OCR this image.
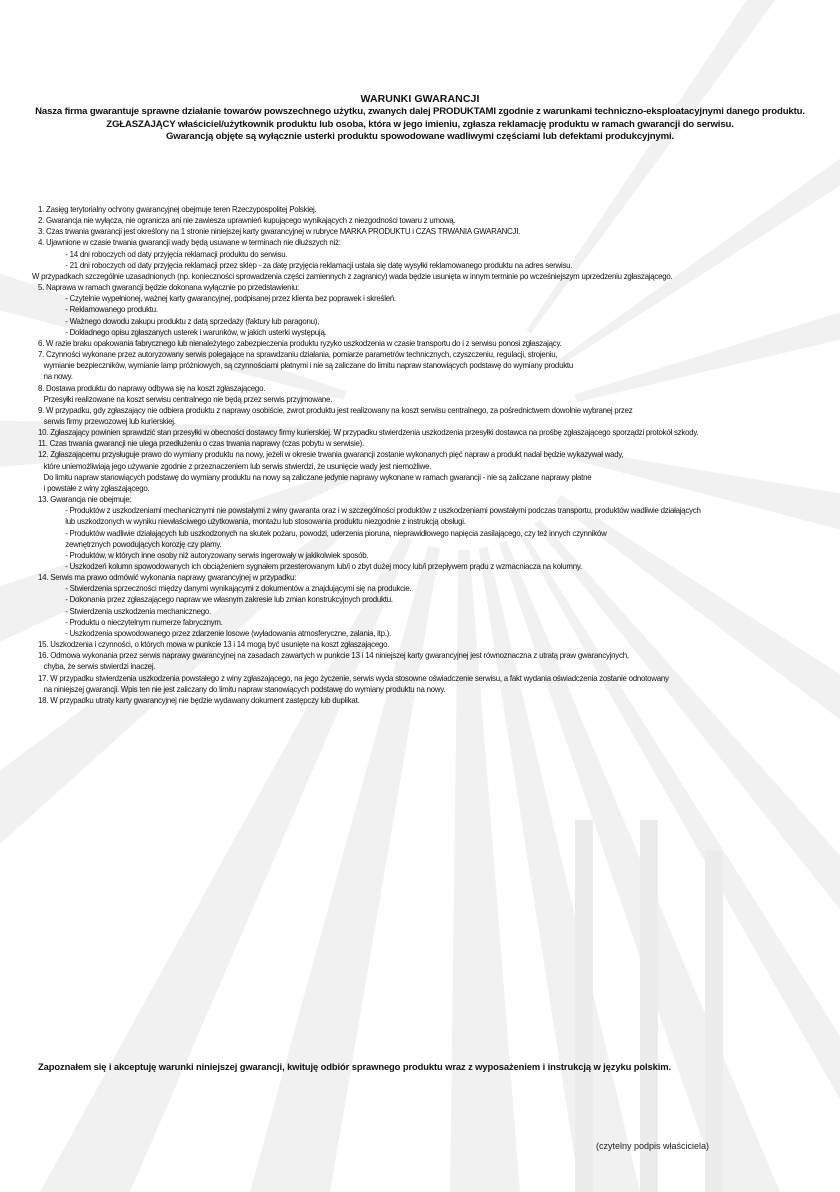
WARUNKI GWARANCJI
Nasza firma gwarantuje sprawne działanie towarów powszechnego użytku, zwanych dalej PRODUKTAMI zgodnie z warunkami techniczno-eksploatacyjnymi danego produktu.
ZGŁASZAJĄCY właściciel/użytkownik produktu lub osoba, która w jego imieniu, zgłasza reklamację produktu w ramach gwarancji do serwisu.
Gwarancją objęte są wyłącznie usterki produktu spowodowane wadliwymi częściami lub defektami produkcyjnymi.
1. Zasięg terytorialny ochrony gwarancyjnej obejmuje teren Rzeczypospolitej Polskiej.
2. Gwarancja nie wyłącza, nie ogranicza ani nie zawiesza uprawnień kupującego wynikających z niezgodności towaru z umową.
3. Czas trwania gwarancji jest określony na 1 stronie niniejszej karty gwarancyjnej w rubryce MARKA PRODUKTU i CZAS TRWANIA GWARANCJI.
4. Ujawnione w czasie trwania gwarancji wady będą usuwane w terminach nie dłuższych niż:
- 14 dni roboczych od daty przyjęcia reklamacji produktu do serwisu.
- 21 dni roboczych od daty przyjęcia reklamacji przez sklep - za datę przyjęcia reklamacji ustala się datę wysyłki reklamowanego produktu na adres serwisu.
W przypadkach szczególnie uzasadnionych (np. konieczności sprowadzenia części zamiennych z zagranicy) wada będzie usunięta w innym terminie po wcześniejszym uprzedzeniu zgłaszającego.
5. Naprawa w ramach gwarancji będzie dokonana wyłącznie po przedstawieniu:
- Czytelnie wypełnionej, ważnej karty gwarancyjnej, podpisanej przez klienta bez poprawek i skreśleń.
- Reklamowanego produktu.
- Ważnego dowodu zakupu produktu z datą sprzedaży (faktury lub paragonu),
- Dokładnego opisu zgłaszanych usterek i warunków, w jakich usterki występują.
6. W razie braku opakowania fabrycznego lub nienależytego zabezpieczenia produktu ryzyko uszkodzenia w czasie transportu do i z serwisu ponosi zgłaszający.
7. Czynności wykonane przez autoryzowany serwis polegające na sprawdzaniu działania, pomiarze parametrów technicznych, czyszczeniu, regulacji, strojeniu,
wymianie bezpieczników, wymianie lamp próżniowych, są czynnościami płatnymi i nie są zaliczane do limitu napraw stanowiących podstawę do wymiany produktu
na nowy.
8. Dostawa produktu do naprawy odbywa się na koszt zgłaszającego.
Przesyłki realizowane na koszt serwisu centralnego nie będą przez serwis przyjmowane.
9. W przypadku, gdy zgłaszający nie odbiera produktu z naprawy osobiście, zwrot produktu jest realizowany na koszt serwisu centralnego, za pośrednictwem dowolnie wybranej przez
serwis firmy przewozowej lub kurierskiej.
10. Zgłaszający powinien sprawdzić stan przesyłki w obecności dostawcy firmy kurierskiej. W przypadku stwierdzenia uszkodzenia przesyłki dostawca na prośbę zgłaszającego sporządzi protokół szkody.
11. Czas trwania gwarancji nie ulega przedłużeniu o czas trwania naprawy (czas pobytu w serwisie).
12. Zgłaszającemu przysługuje prawo do wymiany produktu na nowy, jeżeli w okresie trwania gwarancji zostanie wykonanych pięć napraw a produkt nadal będzie wykazywał wady,
które uniemożliwiają jego używanie zgodnie z przeznaczeniem lub serwis stwierdzi, że usunięcie wady jest niemożliwe.
Do limitu napraw stanowiących podstawę do wymiany produktu na nowy są zaliczane jedynie naprawy wykonane w ramach gwarancji - nie są zaliczane naprawy płatne
i powstałe z winy zgłaszającego.
13. Gwarancja nie obejmuje:
- Produktów z uszkodzeniami mechanicznymi nie powstałymi z winy gwaranta oraz i w szczególności produktów z uszkodzeniami powstałymi podczas transportu, produktów wadliwie działających
lub uszkodzonych w wyniku niewłaściwego użytkowania, montażu lub stosowania produktu niezgodnie z instrukcją obsługi.
- Produktów wadliwie działających lub uszkodzonych na skutek pożaru, powodzi, uderzenia pioruna, nieprawidłowego napięcia zasilającego, czy też innych czynników
zewnętrznych powodujących korozję czy plamy.
- Produktów, w których inne osoby niż autoryzowany serwis ingerowały w jakikolwiek sposób.
- Uszkodzeń kolumn spowodowanych ich obciążeniem sygnałem przesterowanym lub/i o zbyt dużej mocy lub/i przepływem prądu z wzmacniacza na kolumny.
14. Serwis ma prawo odmówić wykonania naprawy gwarancyjnej w przypadku:
- Stwierdzenia sprzeczności między danymi wynikającymi z dokumentów a znajdującymi się na produkcie.
- Dokonania przez zgłaszającego napraw we własnym zakresie lub zmian konstrukcyjnych produktu.
- Stwierdzenia uszkodzenia mechanicznego.
- Produktu o nieczytelnym numerze fabrycznym.
- Uszkodzenia spowodowanego przez zdarzenie losowe (wyładowania atmosferyczne, zalania, itp.).
15. Uszkodzenia i czynności, o których mowa w punkcie 13 i 14 mogą być usunięte na koszt zgłaszającego.
16. Odmowa wykonania przez serwis naprawy gwarancyjnej na zasadach zawartych w punkcie 13 i 14 niniejszej karty gwarancyjnej jest równoznaczna z utratą praw gwarancyjnych,
chyba, że serwis stwierdzi inaczej.
17. W przypadku stwierdzenia uszkodzenia powstałego z winy zgłaszającego, na jego życzenie, serwis wyda stosowne oświadczenie serwisu, a fakt wydania oświadczenia zostanie odnotowany
na niniejszej gwarancji. Wpis ten nie jest zaliczany do limitu napraw stanowiących podstawę do wymiany produktu na nowy.
18. W przypadku utraty karty gwarancyjnej nie będzie wydawany dokument zastępczy lub duplikat.
Zapoznałem się i akceptuję warunki niniejszej gwarancji, kwituję odbiór sprawnego produktu wraz z wyposażeniem i instrukcją w języku polskim.
(czytelny podpis właściciela)
